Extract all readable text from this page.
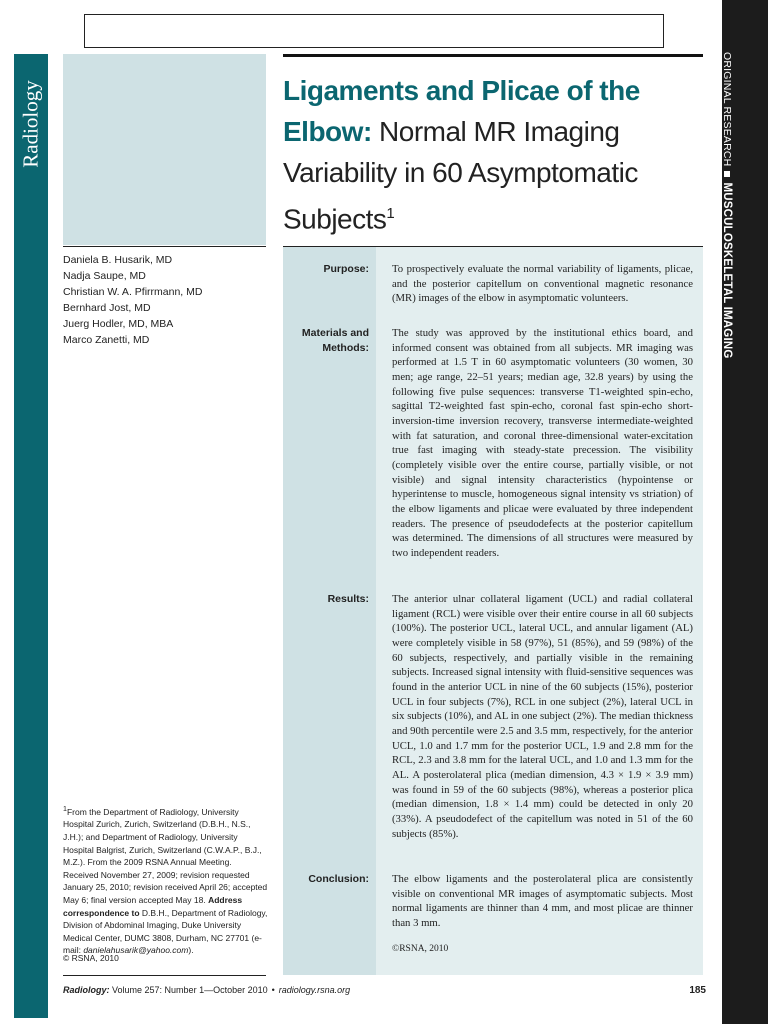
Radiology	ORIGINAL RESEARCHMUSCULOSKELETAL IMAGING
Ligaments and Plicae of the Elbow: Normal MR Imaging Variability in 60 Asymptomatic Subjects$^1$
Daniela B. Husarik, MD
Nadja Saupe, MD
Christian W. A. Pfirrmann, MD
Bernhard Jost, MD
Juerg Hodler, MD, MBA
Marco Zanetti, MD
Purpose: To prospectively evaluate the normal variability of ligaments, plicae, and the posterior capitellum on conventional magnetic resonance (MR) images of the elbow in asymptomatic volunteers.
Materials and
Methods:
The study was approved by the institutional ethics board, and informed consent was obtained from all subjects. MR imaging was performed at 1.5 T in 60 asymptomatic volunteers (30 women, 30 men; age range, 22–51 years; median age, 32.8 years) by using the following five pulse sequences: transverse T1-weighted spin-echo, sagittal T2-weighted fast spin-echo, coronal fast spin-echo short-inversion-time inversion recovery, transverse intermediate-weighted with fat saturation, and coronal three-dimensional water-excitation true fast imaging with steady-state precession. The visibility (completely visible over the entire course, partially visible, or not visible) and signal intensity characteristics (hypointense or hyperintense to muscle, homogeneous signal intensity vs striation) of the elbow ligaments and plicae were evaluated by three independent readers. The presence of pseudodefects at the posterior capitellum was determined. The dimensions of all structures were measured by two independent readers.
Results: The anterior ulnar collateral ligament (UCL) and radial collateral ligament (RCL) were visible over their entire course in all 60 subjects (100%). The posterior UCL, lateral UCL, and annular ligament (AL) were completely visible in 58 (97%), 51 (85%), and 59 (98%) of the 60 subjects, respectively, and partially visible in the remaining subjects. Increased signal intensity with fluid-sensitive sequences was found in the anterior UCL in nine of the 60 subjects (15%), posterior UCL in four subjects (7%), RCL in one subject (2%), lateral UCL in six subjects (10%), and AL in one subject (2%). The median thickness and 90th percentile were 2.5 and 3.5 mm, respectively, for the anterior UCL, 1.0 and 1.7 mm for the posterior UCL, 1.9 and 2.8 mm for the RCL, 2.3 and 3.8 mm for the lateral UCL, and 1.0 and 1.3 mm for the AL. A posterolateral plica (median dimension, 4.3 × 1.9 × 3.9 mm) was found in 59 of the 60 subjects (98%), whereas a posterior plica (median dimension, 1.8 × 1.4 mm) could be detected in only 20 (33%). A pseudodefect of the capitellum was noted in 51 of the 60 subjects (85%).
Conclusion: The elbow ligaments and the posterolateral plica are consistently visible on conventional MR images of asymptomatic subjects. Most normal ligaments are thinner than 4 mm, and most plicae are thinner than 3 mm.
©RSNA, 2010
$^1$From the Department of Radiology, University Hospital Zurich, Zurich, Switzerland (D.B.H., N.S., J.H.); and Department of Radiology, University Hospital Balgrist, Zurich, Switzerland (C.W.A.P., B.J., M.Z.). From the 2009 RSNA Annual Meeting. Received November 27, 2009; revision requested January 25, 2010; revision received April 26; accepted May 6; final version accepted May 18. Address correspondence to D.B.H., Department of Radiology, Division of Abdominal Imaging, Duke University Medical Center, DUMC 3808, Durham, NC 27701 (e-mail: danielahusarik@yahoo.com).
© RSNA, 2010
Radiology: Volume 257: Number 1—October 2010 • radiology.rsna.org	185
